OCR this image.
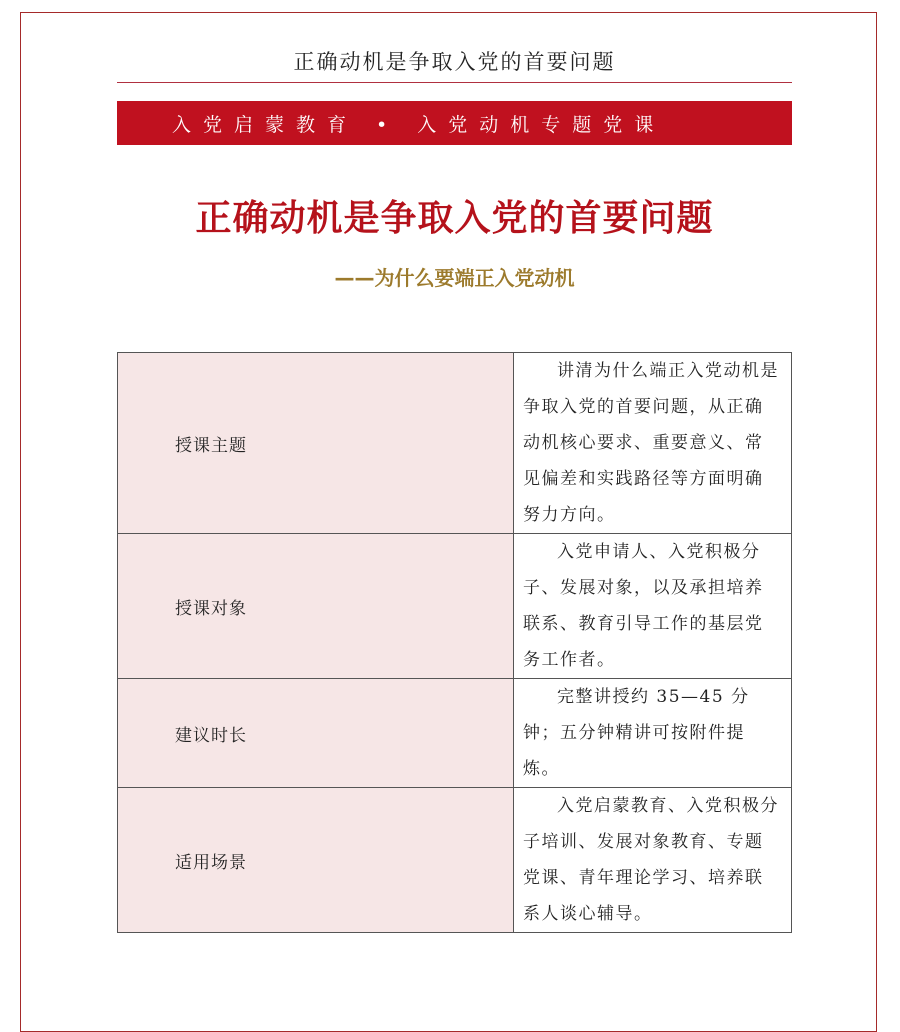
正确动机是争取入党的首要问题
入党启蒙教育 • 入党动机专题党课
正确动机是争取入党的首要问题
——为什么要端正入党动机
授课主题	讲清为什么端正入党动机是争取入党的首要问题，从正确动机核心要求、重要意义、常见偏差和实践路径等方面明确努力方向。
授课对象	入党申请人、入党积极分子、发展对象，以及承担培养联系、教育引导工作的基层党务工作者。
建议时长	完整讲授约 35—45 分钟；五分钟精讲可按附件提炼。
适用场景	入党启蒙教育、入党积极分子培训、发展对象教育、专题党课、青年理论学习、培养联系人谈心辅导。
